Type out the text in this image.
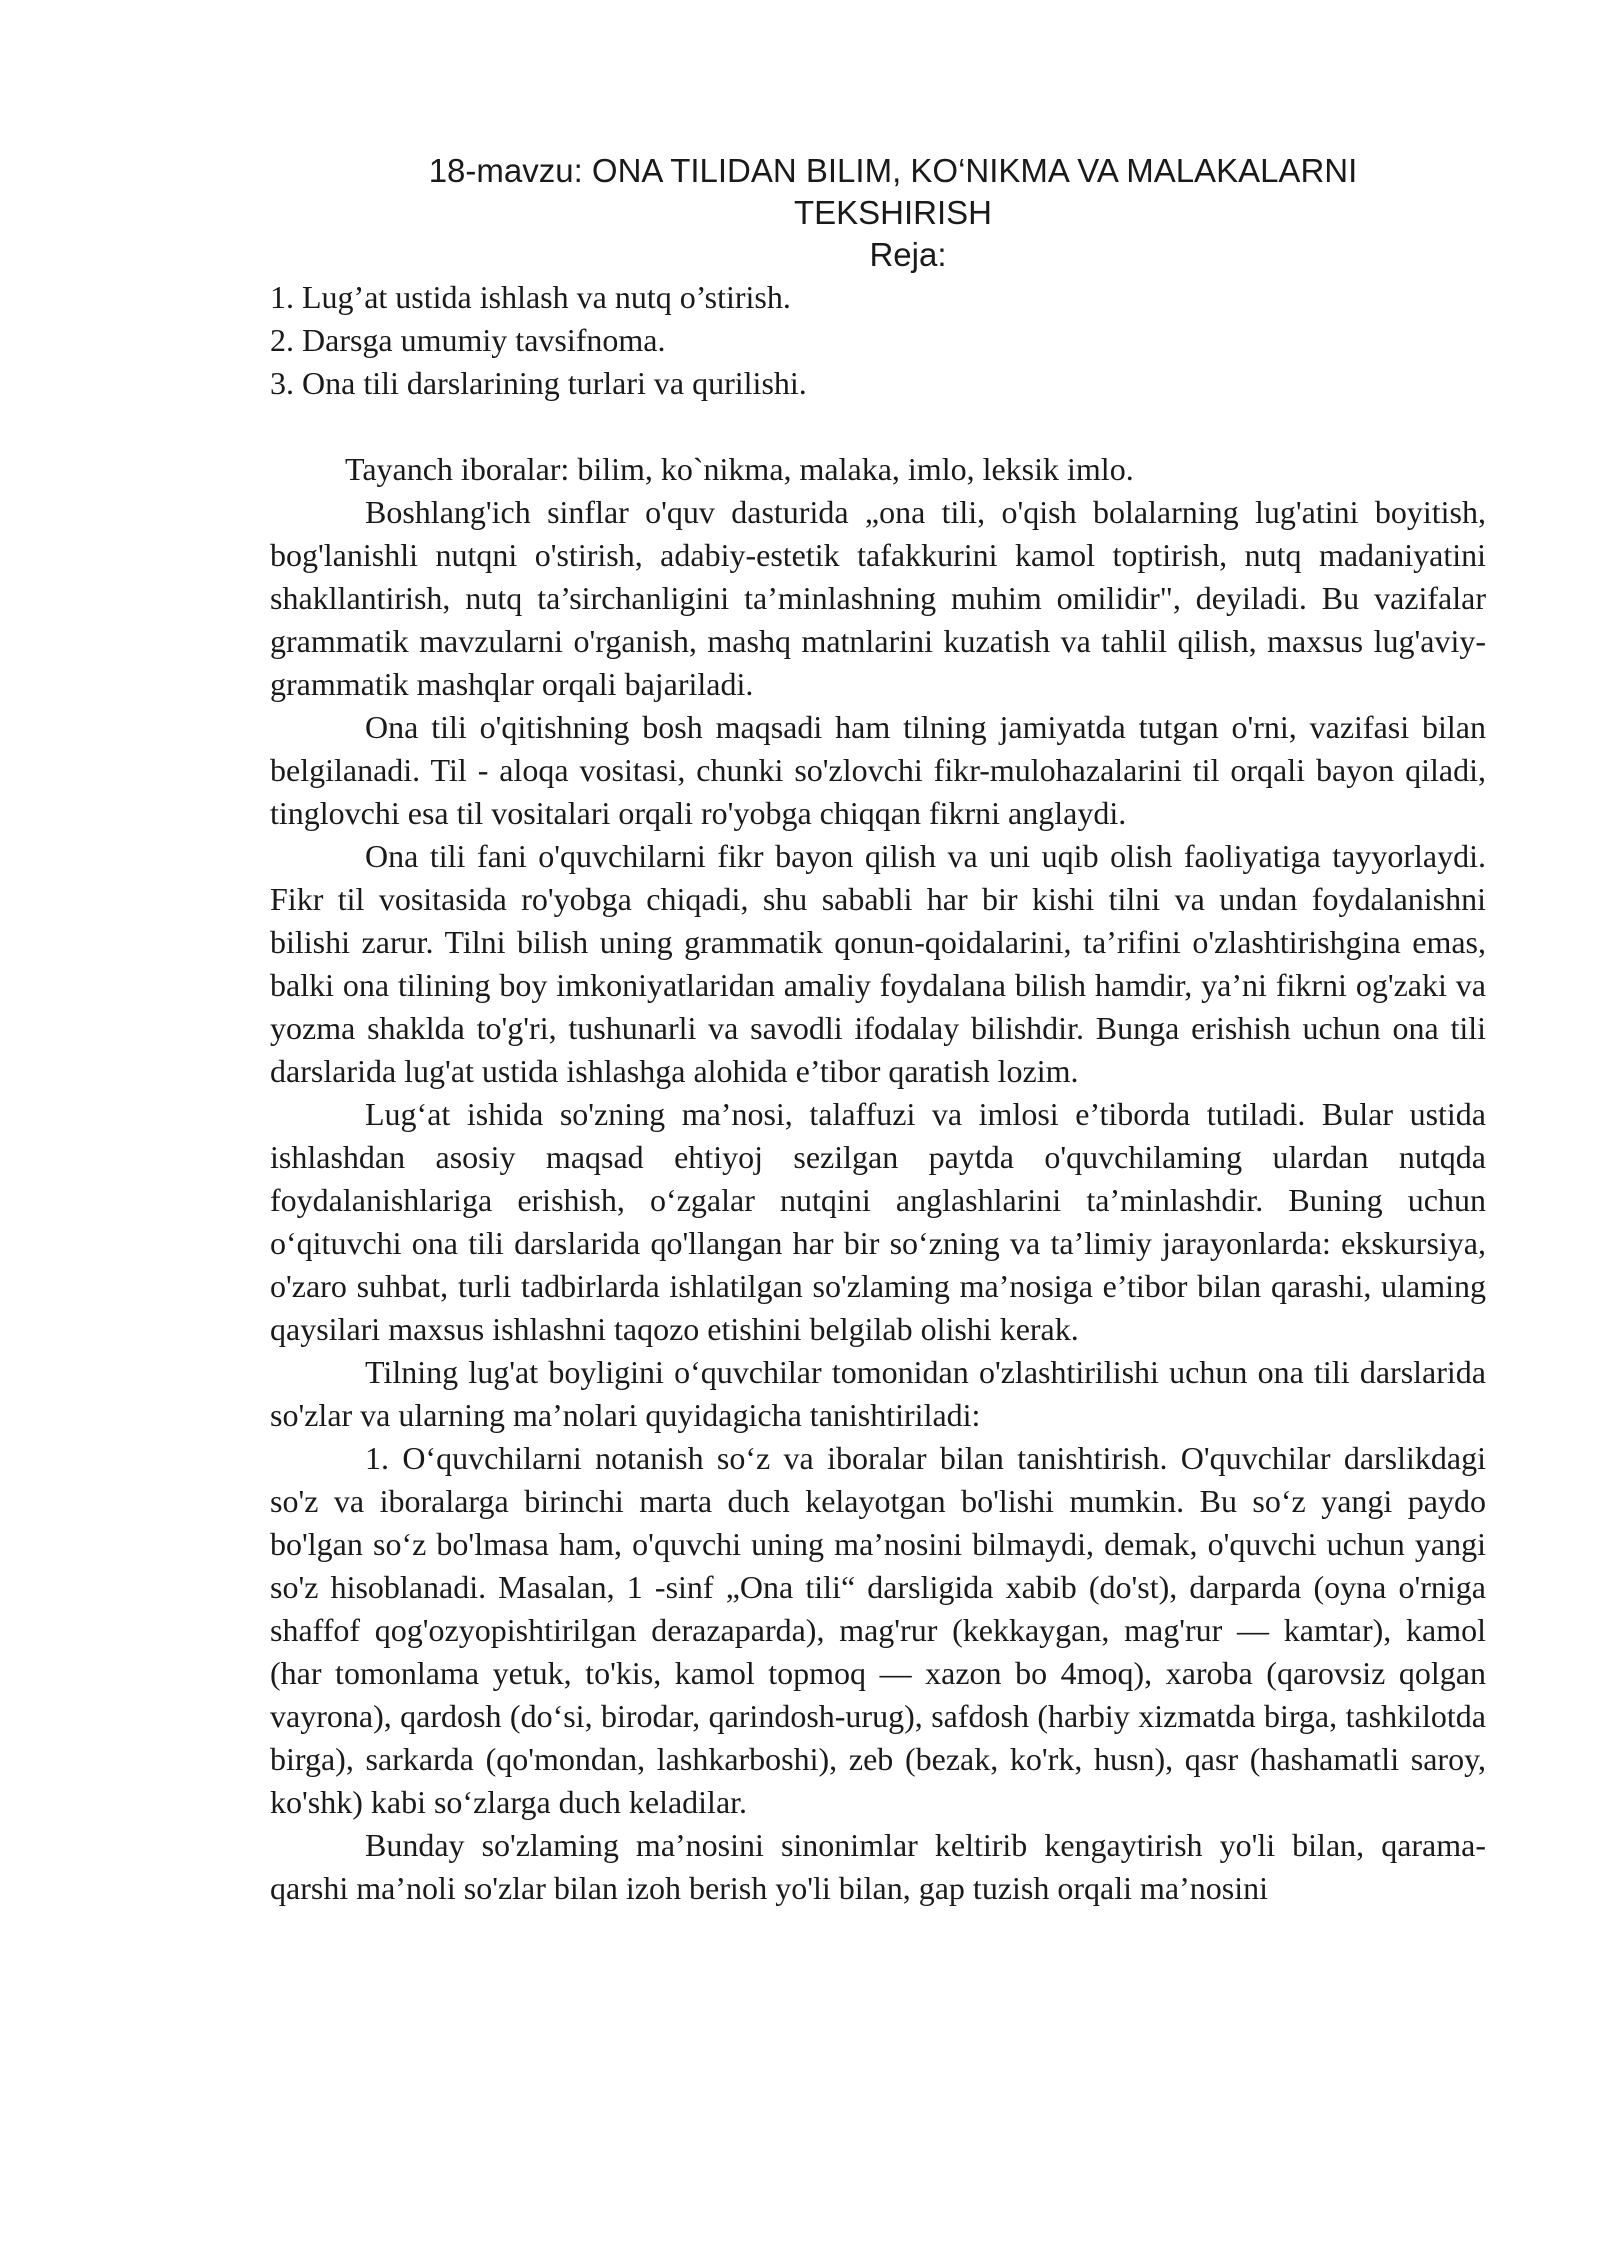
18-mavzu: ONA TILIDAN BILIM, KO‘NIKMA VA MALAKALARNI
TEKSHIRISH

Reja:

1. Lug’at ustida ishlash va nutq o’stirish.
2. Darsga umumiy tavsifnoma.
3. Ona tili darslarining turlari va qurilishi.

Tayanch iboralar: bilim, ko`nikma, malaka, imlo, leksik imlo.

Boshlang'ich sinflar o'quv dasturida „ona tili, o'qish bolalarning lug'atini boyitish, bog'lanishli nutqni o'stirish, adabiy-estetik tafakkurini kamol toptirish, nutq madaniyatini shakllantirish, nutq ta’sirchanligini ta’minlashning muhim omilidir", deyiladi. Bu vazifalar grammatik mavzularni o'rganish, mashq matnlarini kuzatish va tahlil qilish, maxsus lug'aviy-grammatik mashqlar orqali bajariladi.

Ona tili o'qitishning bosh maqsadi ham tilning jamiyatda tutgan o'rni, vazifasi bilan belgilanadi. Til - aloqa vositasi, chunki so'zlovchi fikr-mulohazalarini til orqali bayon qiladi, tinglovchi esa til vositalari orqali ro'yobga chiqqan fikrni anglaydi.

Ona tili fani o'quvchilarni fikr bayon qilish va uni uqib olish faoliyatiga tayyorlaydi. Fikr til vositasida ro'yobga chiqadi, shu sababli har bir kishi tilni va undan foydalanishni bilishi zarur. Tilni bilish uning grammatik qonun-qoidalarini, ta’rifini o'zlashtirishgina emas, balki ona tilining boy imkoniyatlaridan amaliy foydalana bilish hamdir, ya’ni fikrni og'zaki va yozma shaklda to'g'ri, tushunarli va savodli ifodalay bilishdir. Bunga erishish uchun ona tili darslarida lug'at ustida ishlashga alohida e’tibor qaratish lozim.

Lug‘at ishida so'zning ma’nosi, talaffuzi va imlosi e’tiborda tutiladi. Bular ustida ishlashdan asosiy maqsad ehtiyoj sezilgan paytda o'quvchilaming ulardan nutqda foydalanishlariga erishish, o‘zgalar nutqini anglashlarini ta’minlashdir. Buning uchun o‘qituvchi ona tili darslarida qo'llangan har bir so‘zning va ta’limiy jarayonlarda: ekskursiya, o'zaro suhbat, turli tadbirlarda ishlatilgan so'zlaming ma’nosiga e’tibor bilan qarashi, ulaming qaysilari maxsus ishlashni taqozo etishini belgilab olishi kerak.

Tilning lug'at boyligini o‘quvchilar tomonidan o'zlashtirilishi uchun ona tili darslarida so'zlar va ularning ma’nolari quyidagicha tanishtiriladi:

1. O‘quvchilarni notanish so‘z va iboralar bilan tanishtirish. O'quvchilar darslikdagi so'z va iboralarga birinchi marta duch kelayotgan bo'lishi mumkin. Bu so‘z yangi paydo bo'lgan so‘z bo'lmasa ham, o'quvchi uning ma’nosini bilmaydi, demak, o'quvchi uchun yangi so'z hisoblanadi. Masalan, 1 -sinf „Ona tili“ darsligida xabib (do'st), darparda (oyna o'rniga shaffof qog'ozyopishtirilgan derazaparda), mag'rur (kekkaygan, mag'rur — kamtar), kamol (har tomonlama yetuk, to'kis, kamol topmoq — xazon bo 4moq), xaroba (qarovsiz qolgan vayrona), qardosh (do‘si, birodar, qarindosh-urug), safdosh (harbiy xizmatda birga, tashkilotda birga), sarkarda (qo'mondan, lashkarboshi), zeb (bezak, ko'rk, husn), qasr (hashamatli saroy, ko'shk) kabi so‘zlarga duch keladilar.

Bunday so'zlaming ma’nosini sinonimlar keltirib kengaytirish yo'li bilan, qarama-qarshi ma’noli so'zlar bilan izoh berish yo'li bilan, gap tuzish orqali ma’nosini
